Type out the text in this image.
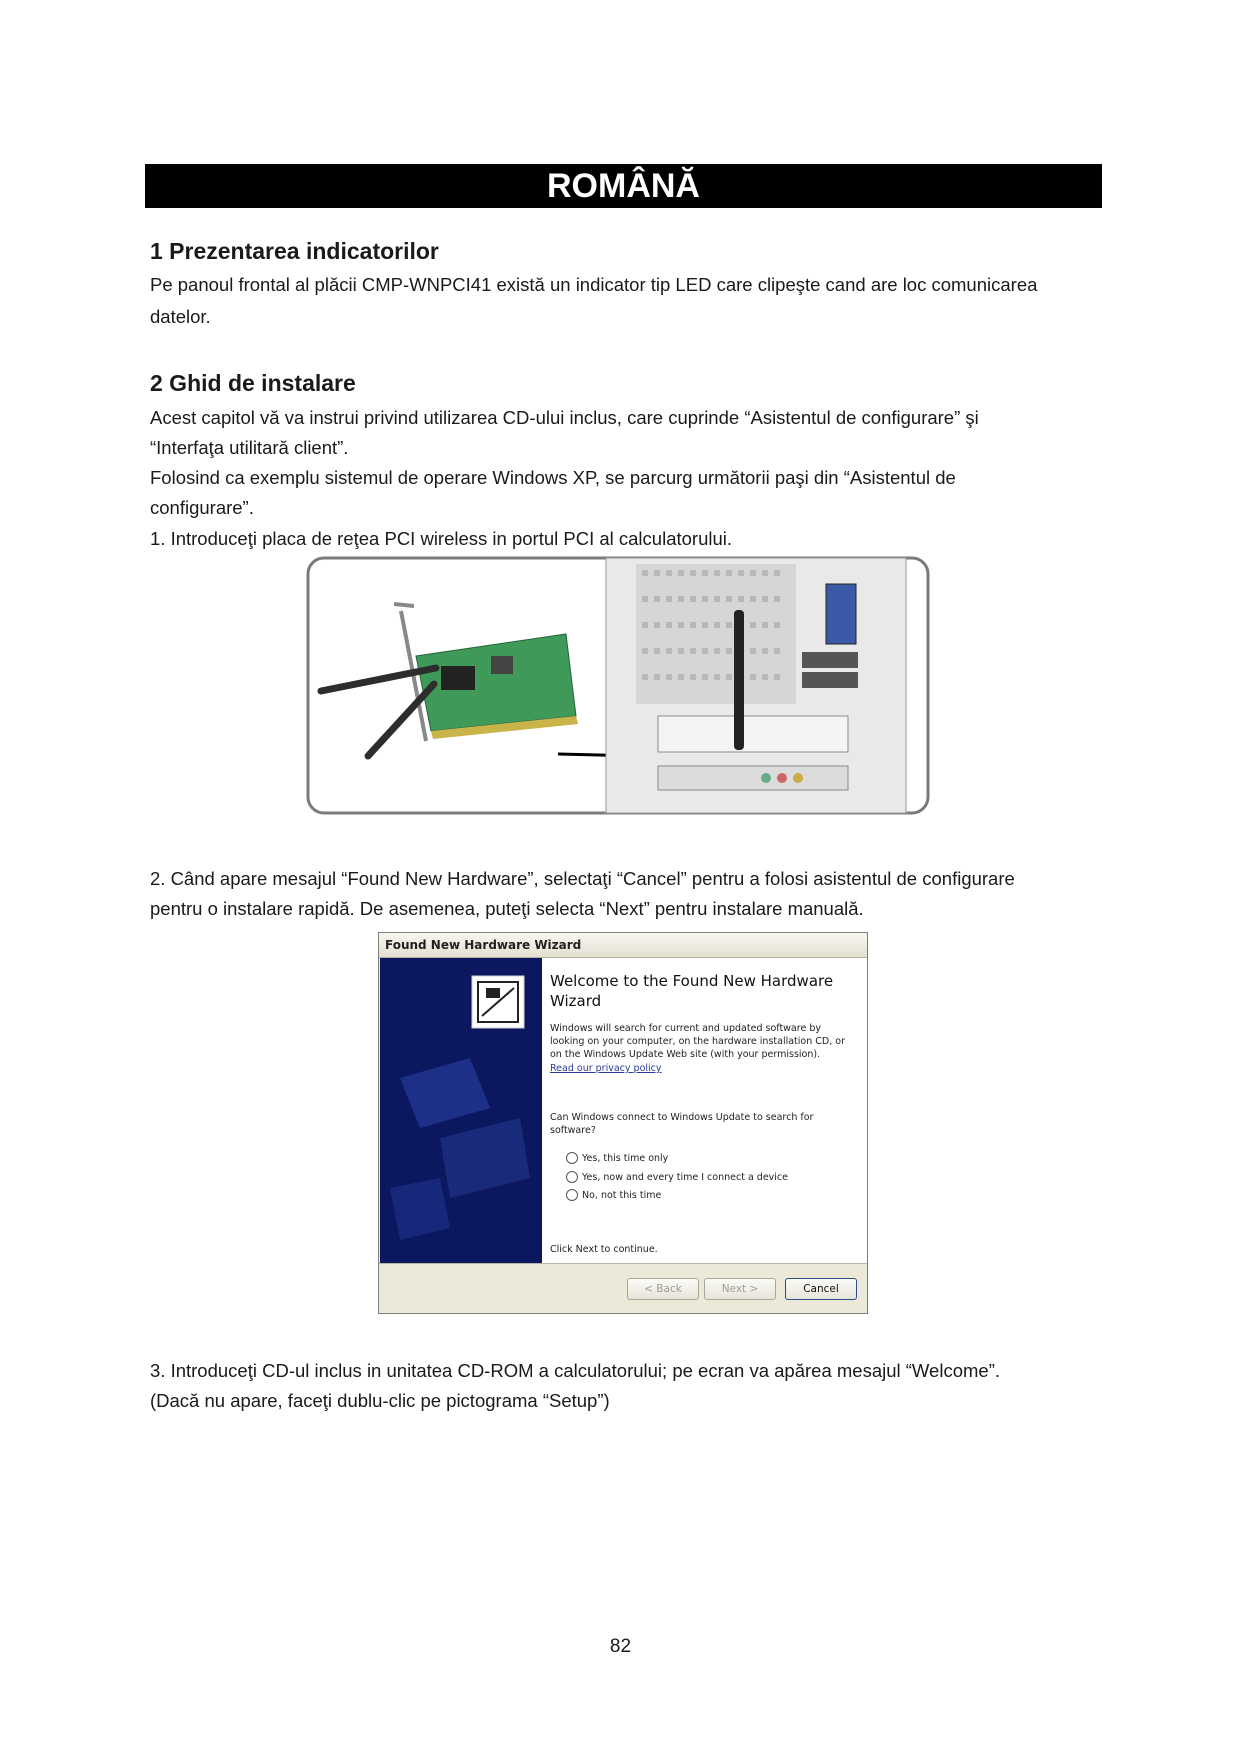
ROMÂNĂ
1 Prezentarea indicatorilor
Pe panoul frontal al plăcii CMP-WNPCI41 există un indicator tip LED care clipeşte cand are loc comunicarea
datelor.
2 Ghid de instalare
Acest capitol vă va instrui privind utilizarea CD-ului inclus, care cuprinde “Asistentul de configurare” şi
“Interfaţa utilitară client”.
Folosind ca exemplu sistemul de operare Windows XP, se parcurg următorii paşi din “Asistentul de
configurare”.
1. Introduceţi placa de reţea PCI wireless in portul PCI al calculatorului.
2. Când apare mesajul “Found New Hardware”, selectaţi “Cancel” pentru a folosi asistentul de configurare
pentru o instalare rapidă. De asemenea, puteţi selecta “Next” pentru instalare manuală.
Found New Hardware Wizard
Welcome to the Found New Hardware Wizard
Windows will search for current and updated software by looking on your computer, on the hardware installation CD, or on the Windows Update Web site (with your permission).
Read our privacy policy
Can Windows connect to Windows Update to search for software?
Yes, this time only
Yes, now and every time I connect a device
No, not this time
Click Next to continue.
< Back	Next >	Cancel
3. Introduceţi CD-ul inclus in unitatea CD-ROM a calculatorului; pe ecran va apărea mesajul “Welcome”.
(Dacă nu apare, faceţi dublu-clic pe pictograma “Setup”)
82
